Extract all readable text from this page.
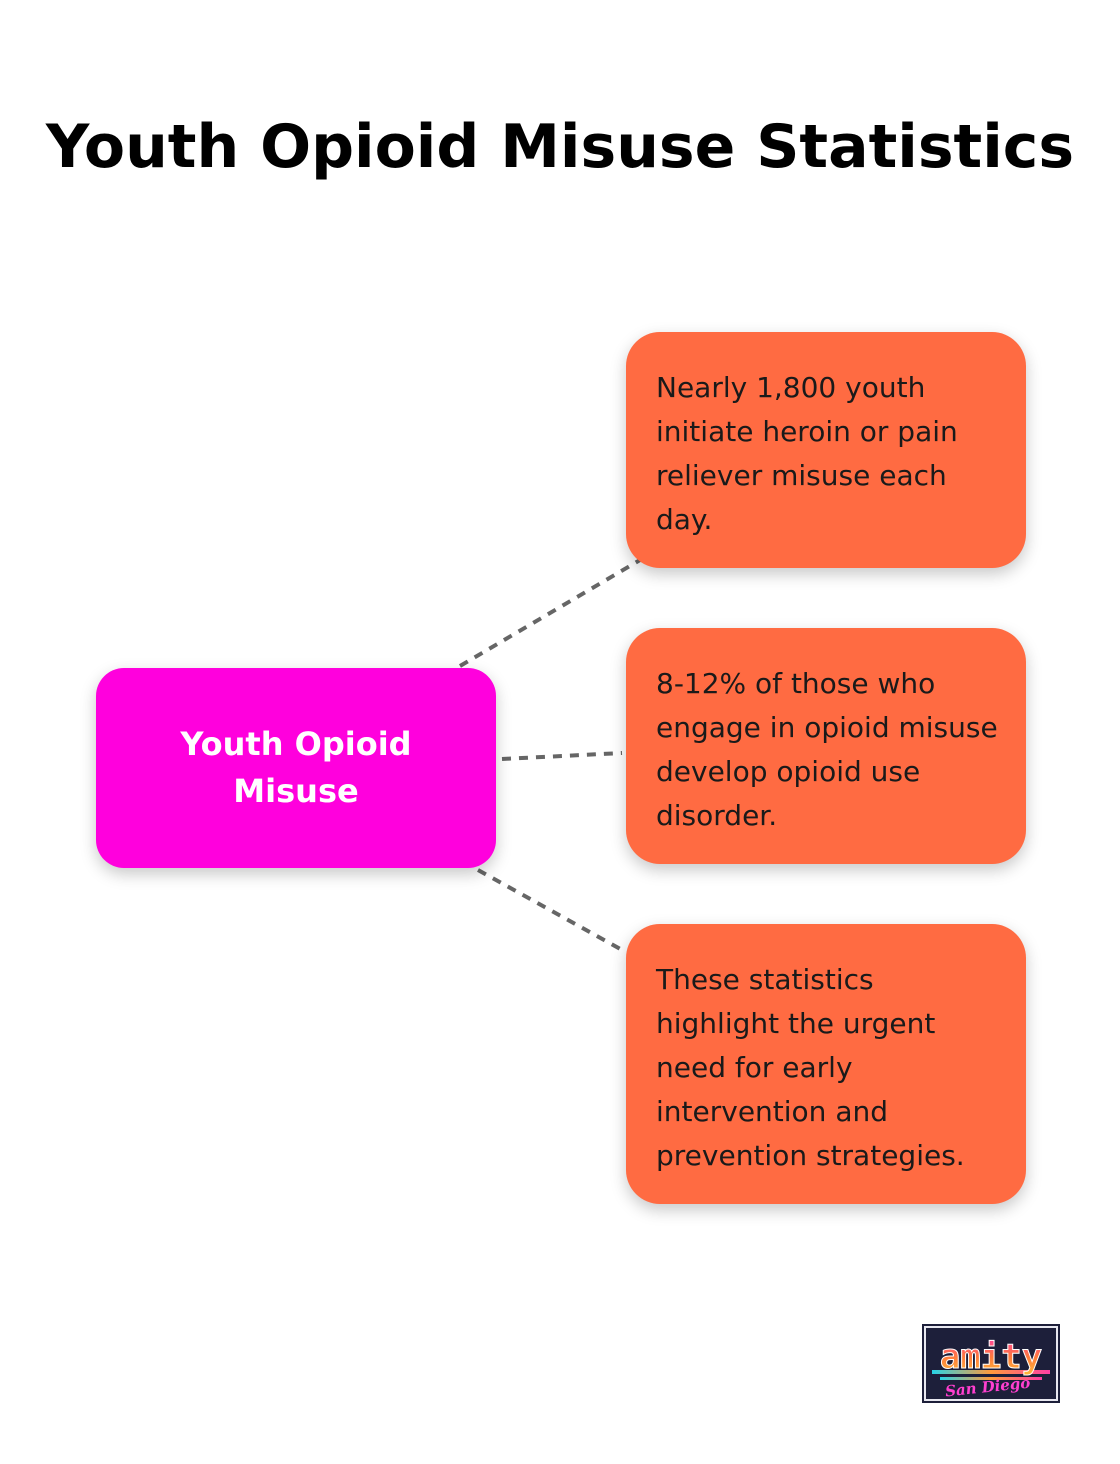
Youth Opioid Misuse Statistics
Youth Opioid Misuse
Nearly 1,800 youth initiate heroin or pain reliever misuse each day.
8-12% of those who engage in opioid misuse develop opioid use disorder.
These statistics highlight the urgent need for early intervention and prevention strategies.
amity
San Diego
